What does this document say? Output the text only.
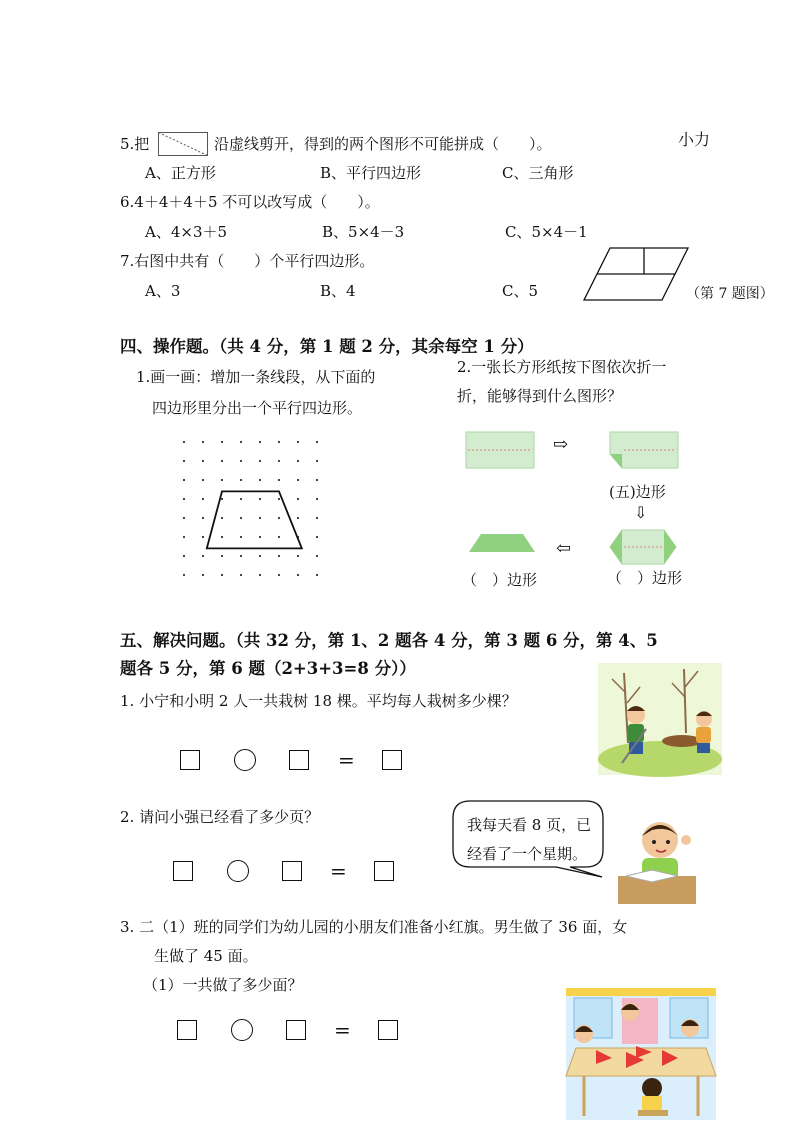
5.把	沿虚线剪开，得到的两个图形不可能拼成（　　）。	小力
A、正方形	B、平行四边形	C、三角形
6.4＋4＋4＋5 不可以改写成（　　）。
A、4×3＋5	B、5×4－3	C、5×4－1
7.右图中共有（　　）个平行四边形。
A、3	B、4	C、5	（第 7 题图）
四、操作题。（共 4 分，第 1 题 2 分，其余每空 1 分）
1.画一画：增加一条线段，从下面的
四边形里分出一个平行四边形。
2.一张长方形纸按下图依次折一
折，能够得到什么图形？
⇨
(五)边形
⇩
⇦
（　）边形	（　）边形
五、解决问题。（共 32 分，第 1、2 题各 4 分，第 3 题 6 分，第 4、5
题各 5 分，第 6 题（2+3+3=8 分））
1. 小宁和小明 2 人一共栽树 18 棵。平均每人栽树多少棵？
=
2. 请问小强已经看了多少页？	我每天看 8 页，已
经看了一个星期。
=
3. 二（1）班的同学们为幼儿园的小朋友们准备小红旗。男生做了 36 面，女
生做了 45 面。
（1）一共做了多少面？
=
